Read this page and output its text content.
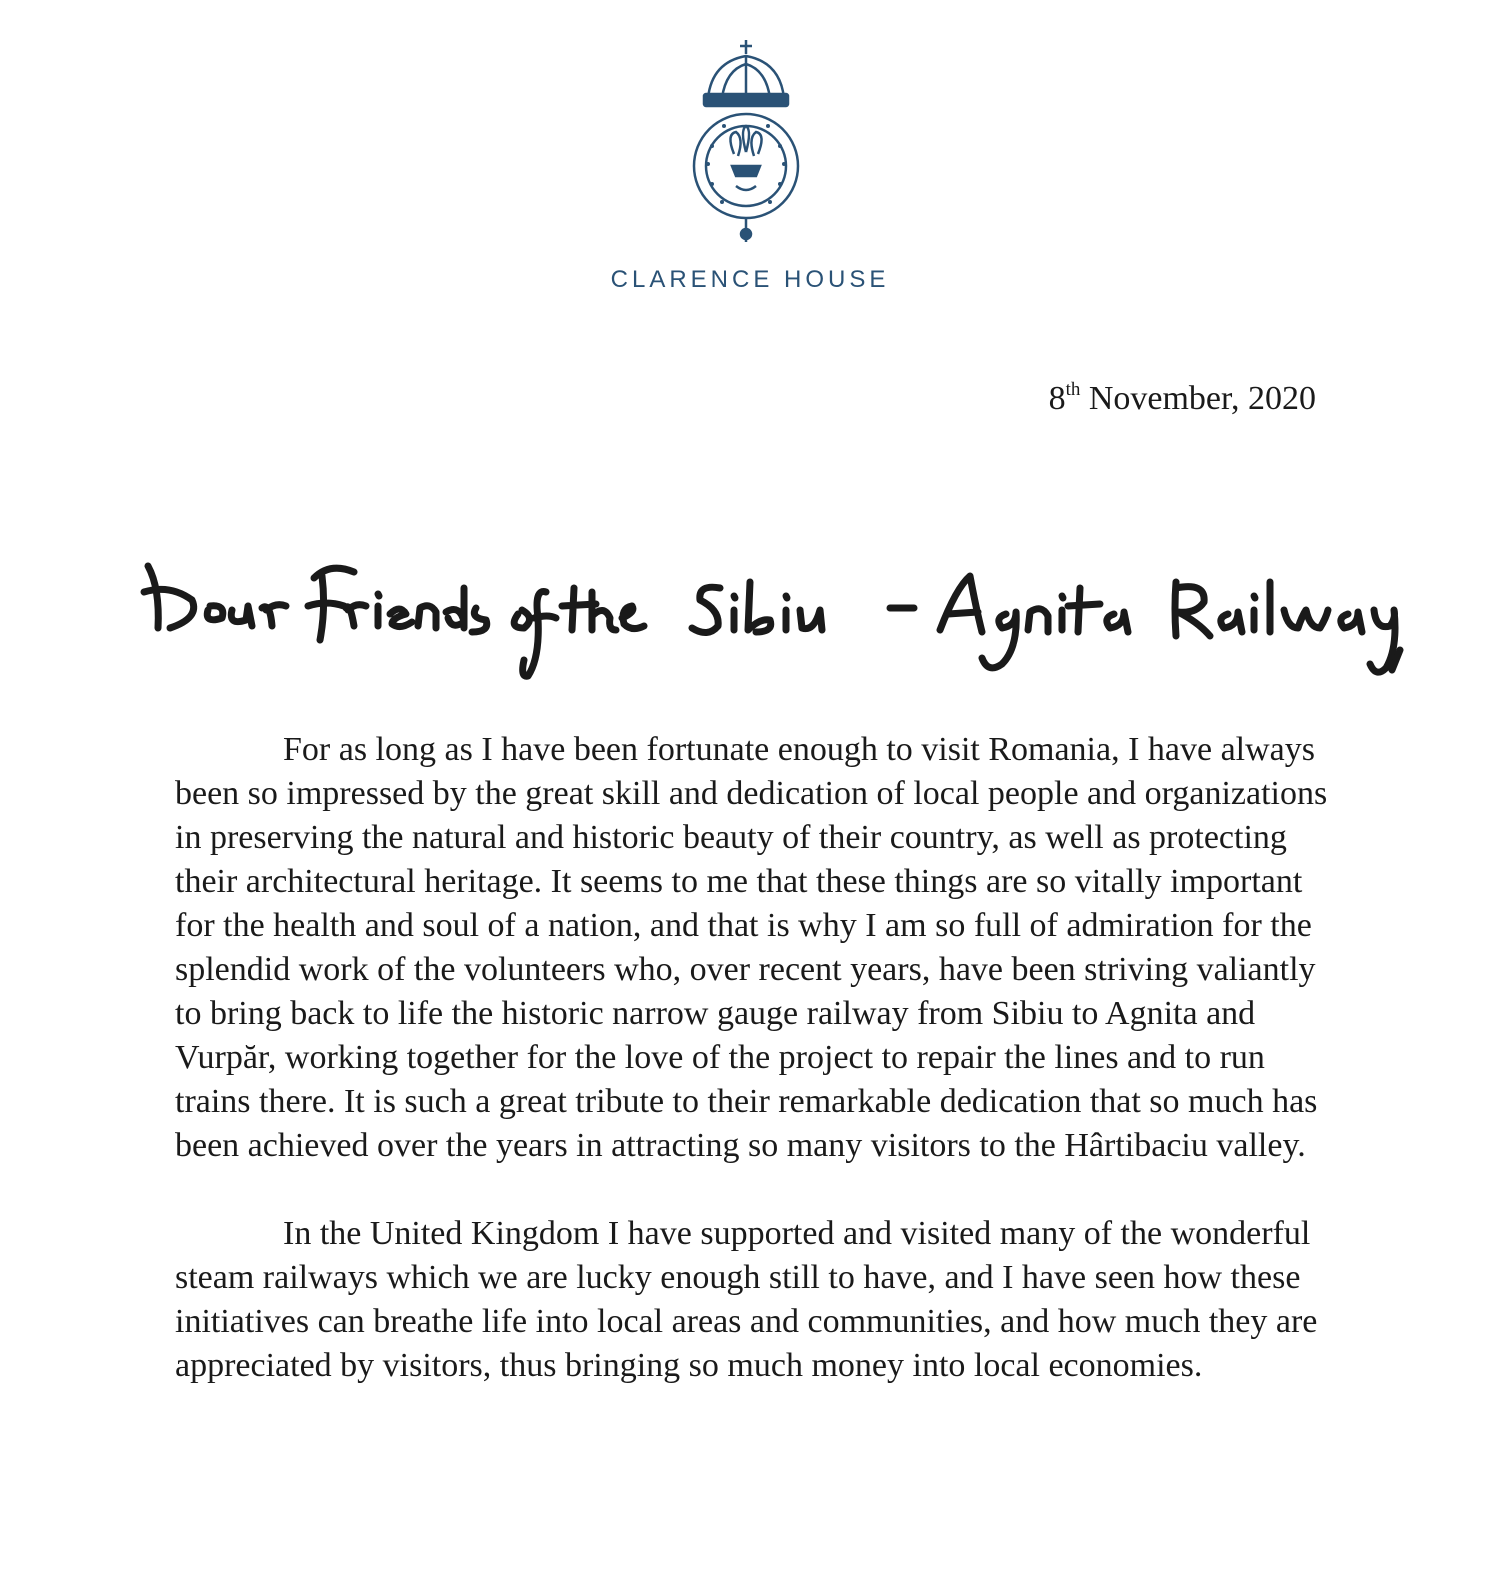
CLARENCE HOUSE
8th November, 2020

For as long as I have been fortunate enough to visit Romania, I have always been so impressed by the great skill and dedication of local people and organizations in preserving the natural and historic beauty of their country, as well as protecting their architectural heritage. It seems to me that these things are so vitally important for the health and soul of a nation, and that is why I am so full of admiration for the splendid work of the volunteers who, over recent years, have been striving valiantly to bring back to life the historic narrow gauge railway from Sibiu to Agnita and Vurpăr, working together for the love of the project to repair the lines and to run trains there. It is such a great tribute to their remarkable dedication that so much has been achieved over the years in attracting so many visitors to the Hârtibaciu valley.

In the United Kingdom I have supported and visited many of the wonderful steam railways which we are lucky enough still to have, and I have seen how these initiatives can breathe life into local areas and communities, and how much they are appreciated by visitors, thus bringing so much money into local economies.
